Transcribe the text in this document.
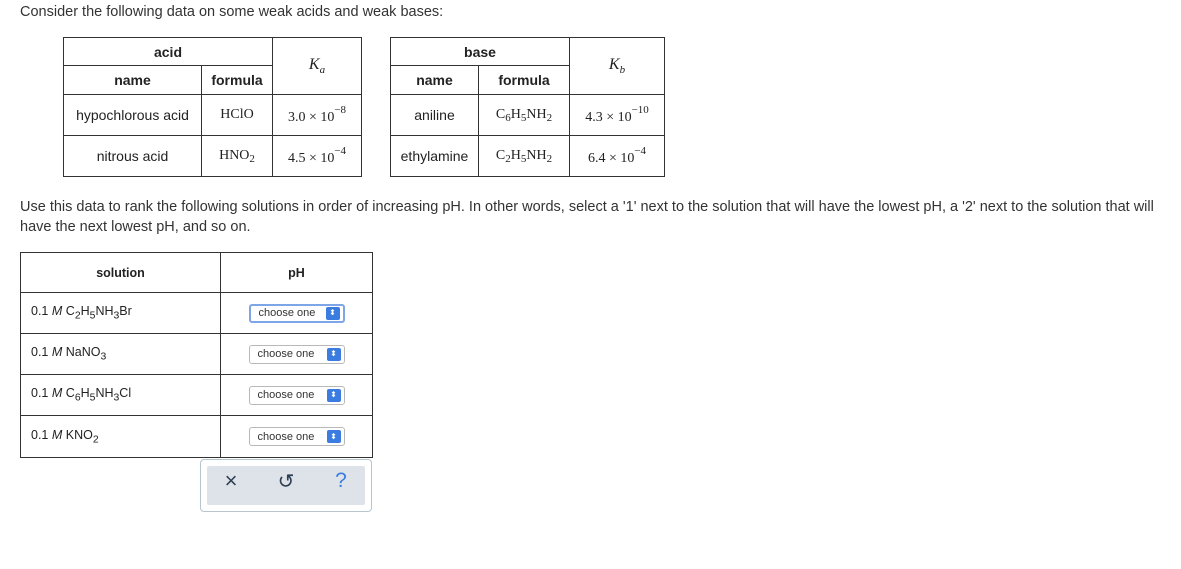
Consider the following data on some weak acids and weak bases:
acid		$K_a$
name	formula	
hypochlorous acid	HClO	$3.0 \times 10^{-8}$
nitrous acid	$HNO_2$	$4.5 \times 10^{-4}$
base		$K_b$
name	formula	
aniline	$C_6H_5NH_2$	$4.3 \times 10^{-10}$
ethylamine	$C_2H_5NH_2$	$6.4 \times 10^{-4}$
Use this data to rank the following solutions in order of increasing pH. In other words, select a '1' next to the solution that will have the lowest pH, a '2' next to the solution that will have the next lowest pH, and so on.
solution	pH
0.1 M $C_2H_5NH_3Br$	choose one ⬍

0.1 M NaNO$_3$	choose one ⬍

0.1 M $C_6H_5NH_3Cl$	choose one ⬍

0.1 M $KNO_2$	choose one ⬍
× ↺ ?
